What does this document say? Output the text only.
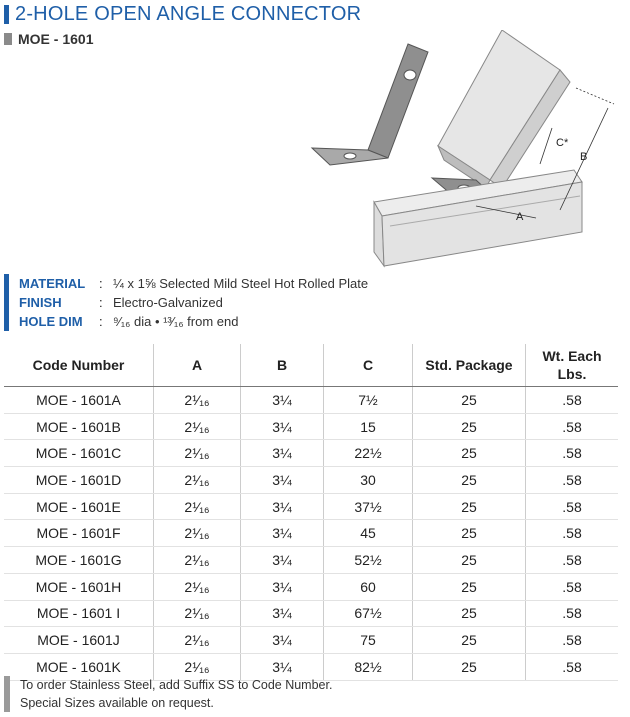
2-HOLE OPEN ANGLE CONNECTOR
MOE - 1601
A
B
C*
MATERIAL	: ¼ x 1⅝ Selected Mild Steel Hot Rolled Plate
FINISH	: Electro-Galvanized
HOLE DIM	: ⁹⁄₁₆ dia • ¹³⁄₁₆ from end
Code Number	A	B	C	Std. Package	Wt. Each Lbs.
MOE - 1601A	2¹⁄₁₆	3¼	7½	25	.58
MOE - 1601B	2¹⁄₁₆	3¼	15	25	.58
MOE - 1601C	2¹⁄₁₆	3¼	22½	25	.58
MOE - 1601D	2¹⁄₁₆	3¼	30	25	.58
MOE - 1601E	2¹⁄₁₆	3¼	37½	25	.58
MOE - 1601F	2¹⁄₁₆	3¼	45	25	.58
MOE - 1601G	2¹⁄₁₆	3¼	52½	25	.58
MOE - 1601H	2¹⁄₁₆	3¼	60	25	.58
MOE - 1601 I	2¹⁄₁₆	3¼	67½	25	.58
MOE - 1601J	2¹⁄₁₆	3¼	75	25	.58
MOE - 1601K	2¹⁄₁₆	3¼	82½	25	.58
To order Stainless Steel, add Suffix SS to Code Number.
Special Sizes available on request.
